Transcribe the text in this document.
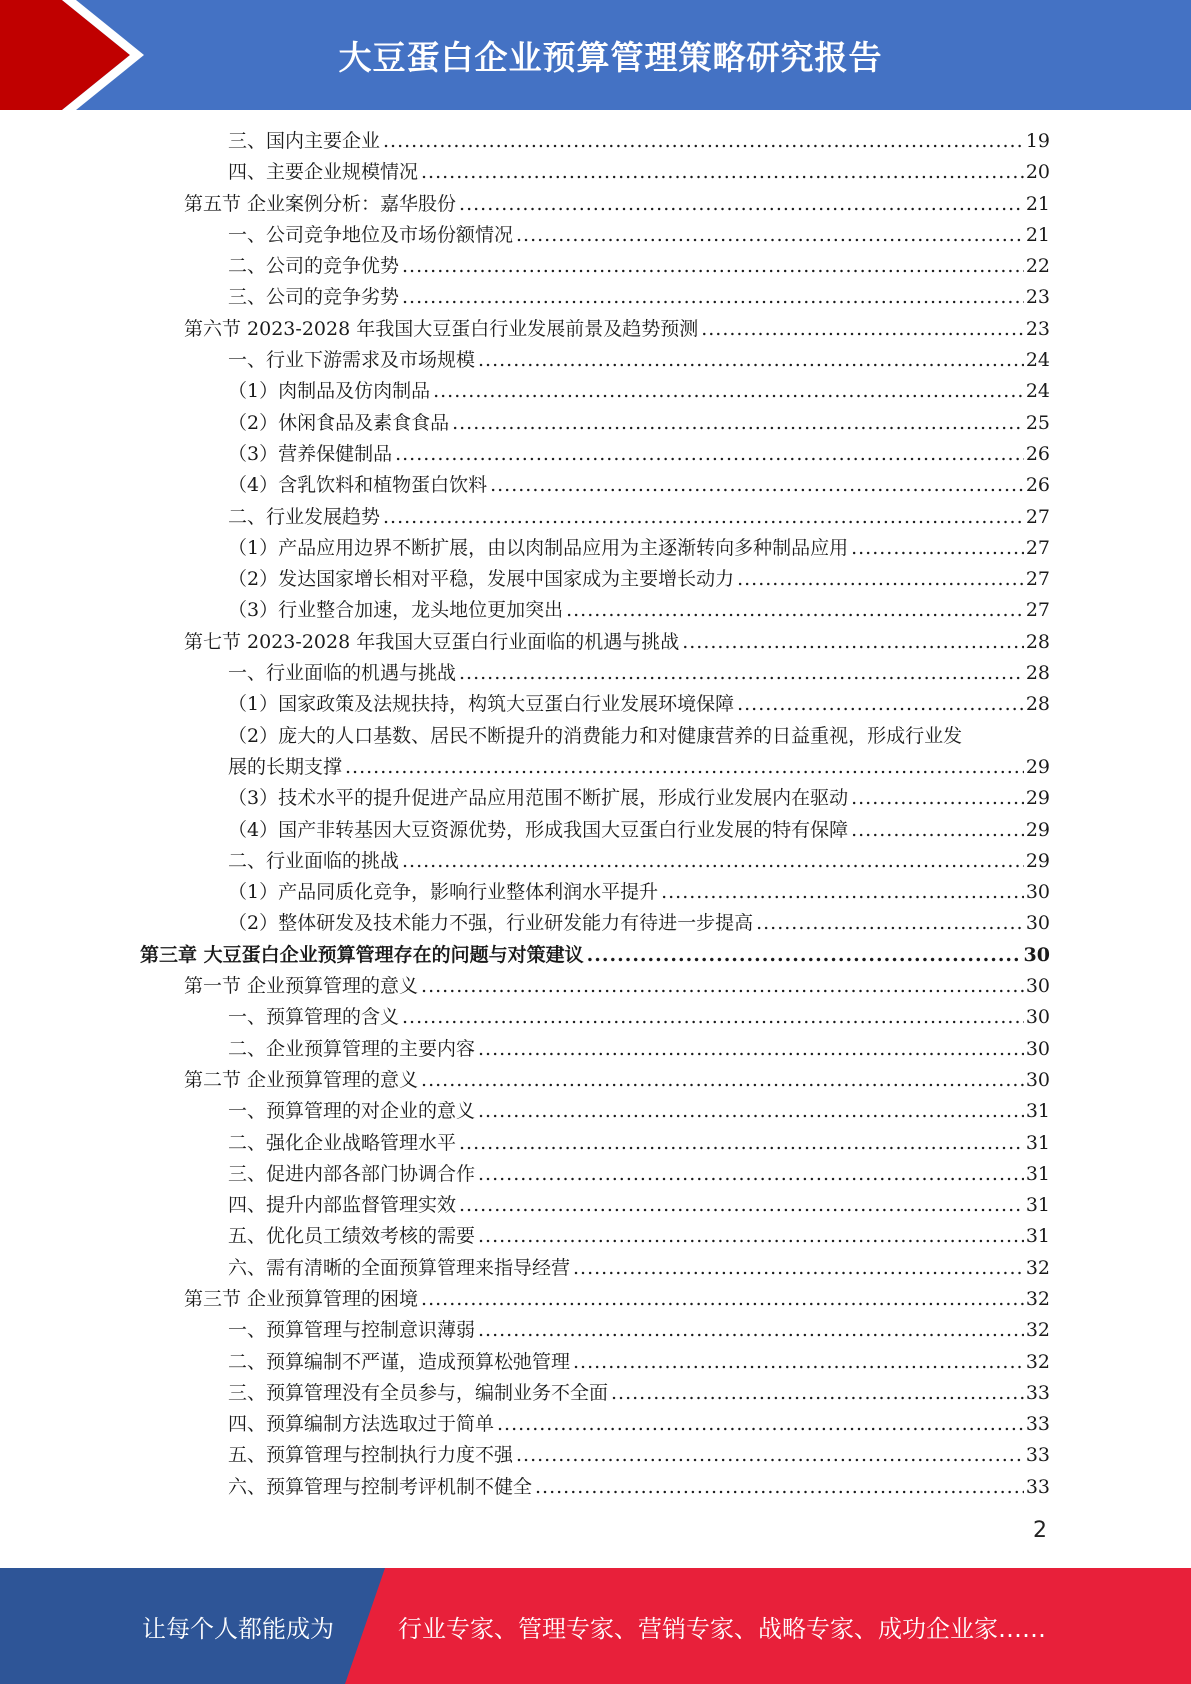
大豆蛋白企业预算管理策略研究报告
三、国内主要企业 .....	19
四、主要企业规模情况 .....	20
第五节 企业案例分析：嘉华股份 .....	21
一、公司竞争地位及市场份额情况 .....	21
二、公司的竞争优势 .....	22
三、公司的竞争劣势 .....	23
第六节 2023-2028 年我国大豆蛋白行业发展前景及趋势预测 .....	23
一、行业下游需求及市场规模 .....	24
（1）肉制品及仿肉制品 .....	24
（2）休闲食品及素食食品 .....	25
（3）营养保健制品 .....	26
（4）含乳饮料和植物蛋白饮料 .....	26
二、行业发展趋势 .....	27
（1）产品应用边界不断扩展，由以肉制品应用为主逐渐转向多种制品应用 .....	27
（2）发达国家增长相对平稳，发展中国家成为主要增长动力 .....	27
（3）行业整合加速，龙头地位更加突出 .....	27
第七节 2023-2028 年我国大豆蛋白行业面临的机遇与挑战 .....	28
一、行业面临的机遇与挑战 .....	28
（1）国家政策及法规扶持，构筑大豆蛋白行业发展环境保障 .....	28
（2）庞大的人口基数、居民不断提升的消费能力和对健康营养的日益重视，形成行业发
展的长期支撑 .....	29
（3）技术水平的提升促进产品应用范围不断扩展，形成行业发展内在驱动 .....	29
（4）国产非转基因大豆资源优势，形成我国大豆蛋白行业发展的特有保障 .....	29
二、行业面临的挑战 .....	29
（1）产品同质化竞争，影响行业整体利润水平提升 .....	30
（2）整体研发及技术能力不强，行业研发能力有待进一步提高 .....	30
第三章 大豆蛋白企业预算管理存在的问题与对策建议 .....	30
第一节 企业预算管理的意义 .....	30
一、预算管理的含义 .....	30
二、企业预算管理的主要内容 .....	30
第二节 企业预算管理的意义 .....	30
一、预算管理的对企业的意义 .....	31
二、强化企业战略管理水平 .....	31
三、促进内部各部门协调合作 .....	31
四、提升内部监督管理实效 .....	31
五、优化员工绩效考核的需要 .....	31
六、需有清晰的全面预算管理来指导经营 .....	32
第三节 企业预算管理的困境 .....	32
一、预算管理与控制意识薄弱 .....	32
二、预算编制不严谨，造成预算松弛管理 .....	32
三、预算管理没有全员参与，编制业务不全面 .....	33
四、预算编制方法选取过于简单 .....	33
五、预算管理与控制执行力度不强 .....	33
六、预算管理与控制考评机制不健全 .....	33
2
让每个人都能成为	行业专家、管理专家、营销专家、战略专家、成功企业家……
